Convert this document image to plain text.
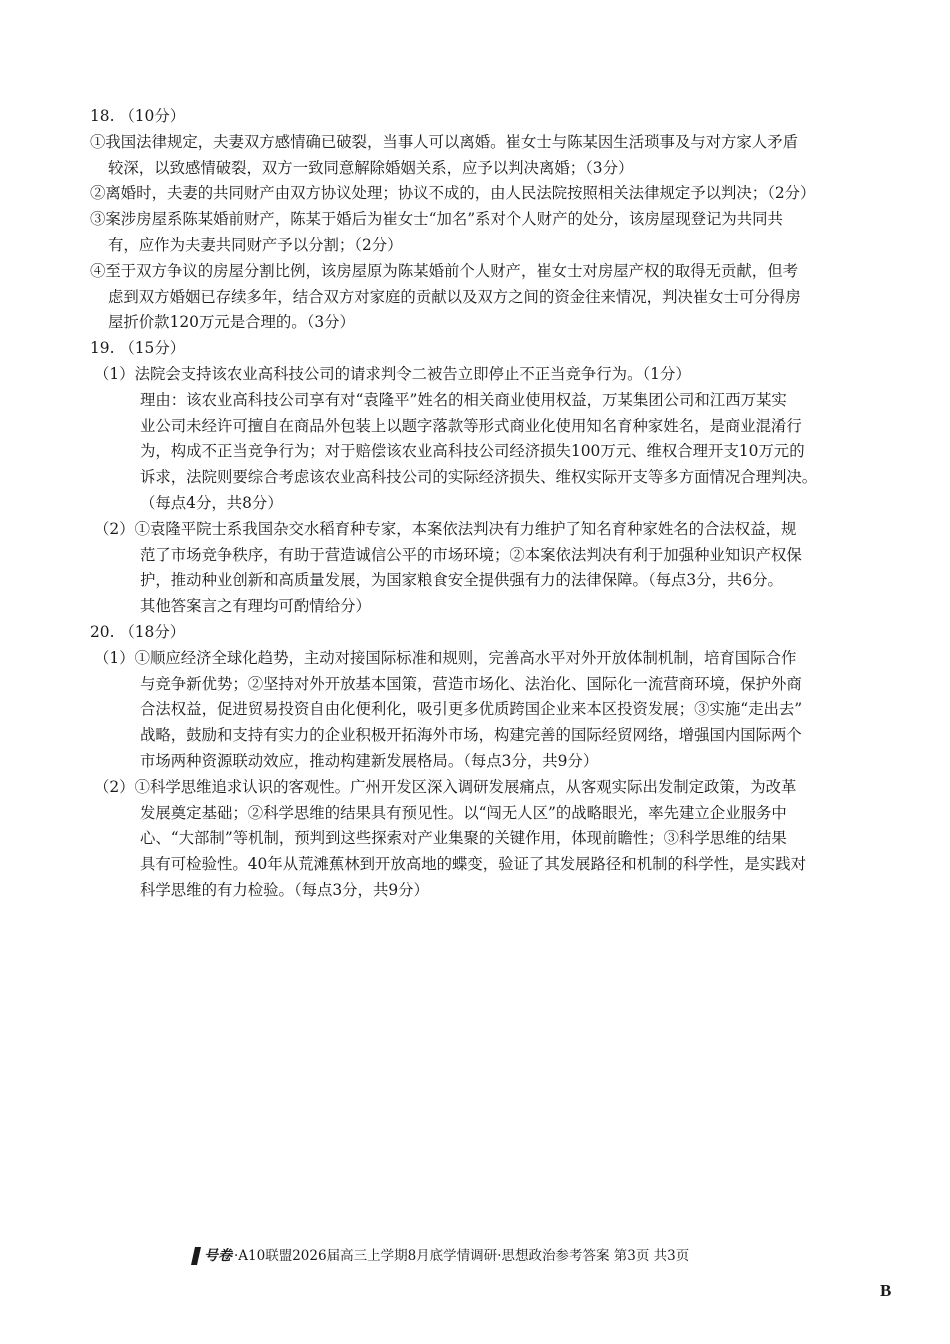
18. （10分）
①我国法律规定，夫妻双方感情确已破裂，当事人可以离婚。崔女士与陈某因生活琐事及与对方家人矛盾
较深，以致感情破裂，双方一致同意解除婚姻关系，应予以判决离婚；（3分）
②离婚时，夫妻的共同财产由双方协议处理；协议不成的，由人民法院按照相关法律规定予以判决；（2分）
③案涉房屋系陈某婚前财产，陈某于婚后为崔女士“加名”系对个人财产的处分，该房屋现登记为共同共
有，应作为夫妻共同财产予以分割；（2分）
④至于双方争议的房屋分割比例，该房屋原为陈某婚前个人财产，崔女士对房屋产权的取得无贡献，但考
虑到双方婚姻已存续多年，结合双方对家庭的贡献以及双方之间的资金往来情况，判决崔女士可分得房
屋折价款120万元是合理的。（3分）
19. （15分）
（1）法院会支持该农业高科技公司的请求判令二被告立即停止不正当竞争行为。（1分）
理由：该农业高科技公司享有对“袁隆平”姓名的相关商业使用权益，万某集团公司和江西万某实
业公司未经许可擅自在商品外包装上以题字落款等形式商业化使用知名育种家姓名，是商业混淆行
为，构成不正当竞争行为；对于赔偿该农业高科技公司经济损失100万元、维权合理开支10万元的
诉求，法院则要综合考虑该农业高科技公司的实际经济损失、维权实际开支等多方面情况合理判决。
（每点4分，共8分）
（2）①袁隆平院士系我国杂交水稻育种专家，本案依法判决有力维护了知名育种家姓名的合法权益，规
范了市场竞争秩序，有助于营造诚信公平的市场环境；②本案依法判决有利于加强种业知识产权保
护，推动种业创新和高质量发展，为国家粮食安全提供强有力的法律保障。（每点3分，共6分。
其他答案言之有理均可酌情给分）
20. （18分）
（1）①顺应经济全球化趋势，主动对接国际标准和规则，完善高水平对外开放体制机制，培育国际合作
与竞争新优势；②坚持对外开放基本国策，营造市场化、法治化、国际化一流营商环境，保护外商
合法权益，促进贸易投资自由化便利化，吸引更多优质跨国企业来本区投资发展；③实施“走出去”
战略，鼓励和支持有实力的企业积极开拓海外市场，构建完善的国际经贸网络，增强国内国际两个
市场两种资源联动效应，推动构建新发展格局。（每点3分，共9分）
（2）①科学思维追求认识的客观性。广州开发区深入调研发展痛点，从客观实际出发制定政策，为改革
发展奠定基础；②科学思维的结果具有预见性。以“闯无人区”的战略眼光，率先建立企业服务中
心、“大部制”等机制，预判到这些探索对产业集聚的关键作用，体现前瞻性；③科学思维的结果
具有可检验性。40年从荒滩蕉林到开放高地的蝶变，验证了其发展路径和机制的科学性，是实践对
科学思维的有力检验。（每点3分，共9分）
号卷 ·A10联盟2026届高三上学期8月底学情调研·思想政治参考答案 第3页 共3页
B
